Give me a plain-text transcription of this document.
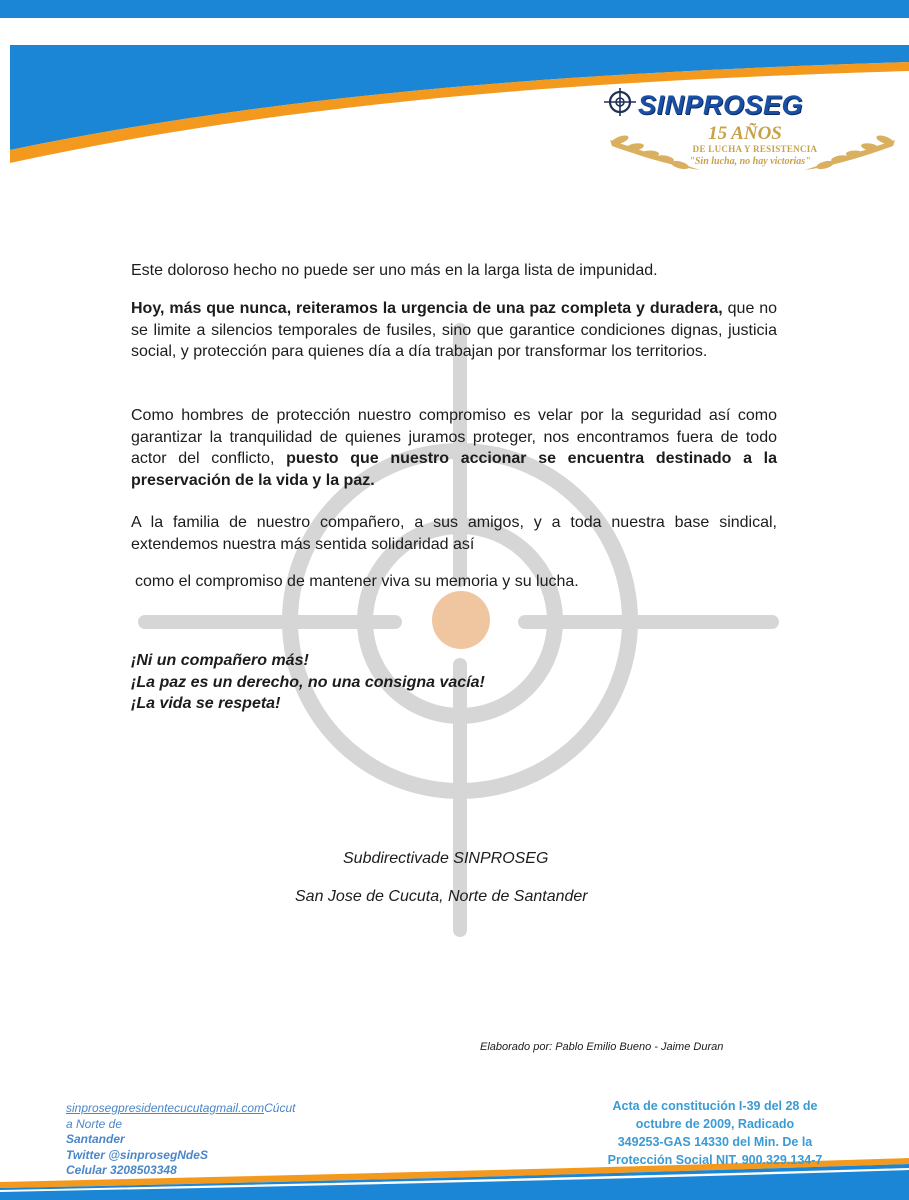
SINPROSEG
15 AÑOS
DE LUCHA Y RESISTENCIA
"Sin lucha, no hay victorias"
Este doloroso hecho no puede ser uno más en la larga lista de impunidad.
Hoy, más que nunca, reiteramos la urgencia de una paz completa y duradera, que no se limite a silencios temporales de fusiles, sino que garantice condiciones dignas, justicia social, y protección para quienes día a día trabajan por transformar los territorios.
Como hombres de protección nuestro compromiso es velar por la seguridad así como garantizar la tranquilidad de quienes juramos proteger, nos encontramos fuera de todo actor del conflicto, puesto que nuestro accionar se encuentra destinado a la preservación de la vida y la paz.
A la familia de nuestro compañero, a sus amigos, y a toda nuestra base sindical, extendemos nuestra más sentida solidaridad así
como el compromiso de mantener viva su memoria y su lucha.
¡Ni un compañero más!
¡La paz es un derecho, no una consigna vacía!
¡La vida se respeta!
Subdirectivade SINPROSEG
San Jose de Cucuta, Norte de Santander
Elaborado por: Pablo Emilio Bueno - Jaime Duran
sinprosegpresidentecucutagmail.comCúcut
a Norte de
Santander
Twitter @sinprosegNdeS
Celular 3208503348
Acta de constitución I-39 del 28 de
octubre de 2009, Radicado
349253-GAS 14330 del Min. De la
Protección Social NIT. 900.329.134-7
